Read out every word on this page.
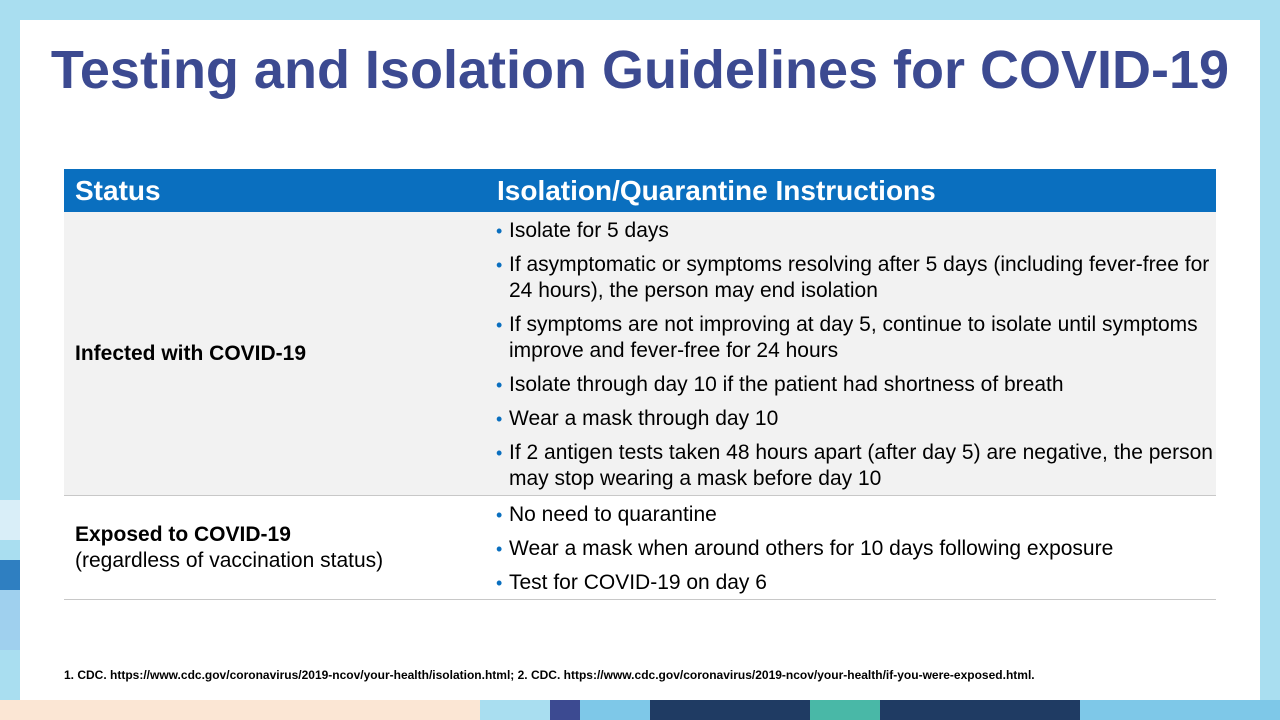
Testing and Isolation Guidelines for COVID-19
Status	Isolation/Quarantine Instructions
Infected with COVID-19
• Isolate for 5 days
• If asymptomatic or symptoms resolving after 5 days (including fever-free for 24 hours), the person may end isolation
• If symptoms are not improving at day 5, continue to isolate until symptoms improve and fever-free for 24 hours
• Isolate through day 10 if the patient had shortness of breath
• Wear a mask through day 10
• If 2 antigen tests taken 48 hours apart (after day 5) are negative, the person may stop wearing a mask before day 10
Exposed to COVID-19
(regardless of vaccination status)
• No need to quarantine
• Wear a mask when around others for 10 days following exposure
• Test for COVID-19 on day 6
1. CDC. https://www.cdc.gov/coronavirus/2019-ncov/your-health/isolation.html; 2. CDC. https://www.cdc.gov/coronavirus/2019-ncov/your-health/if-you-were-exposed.html.
